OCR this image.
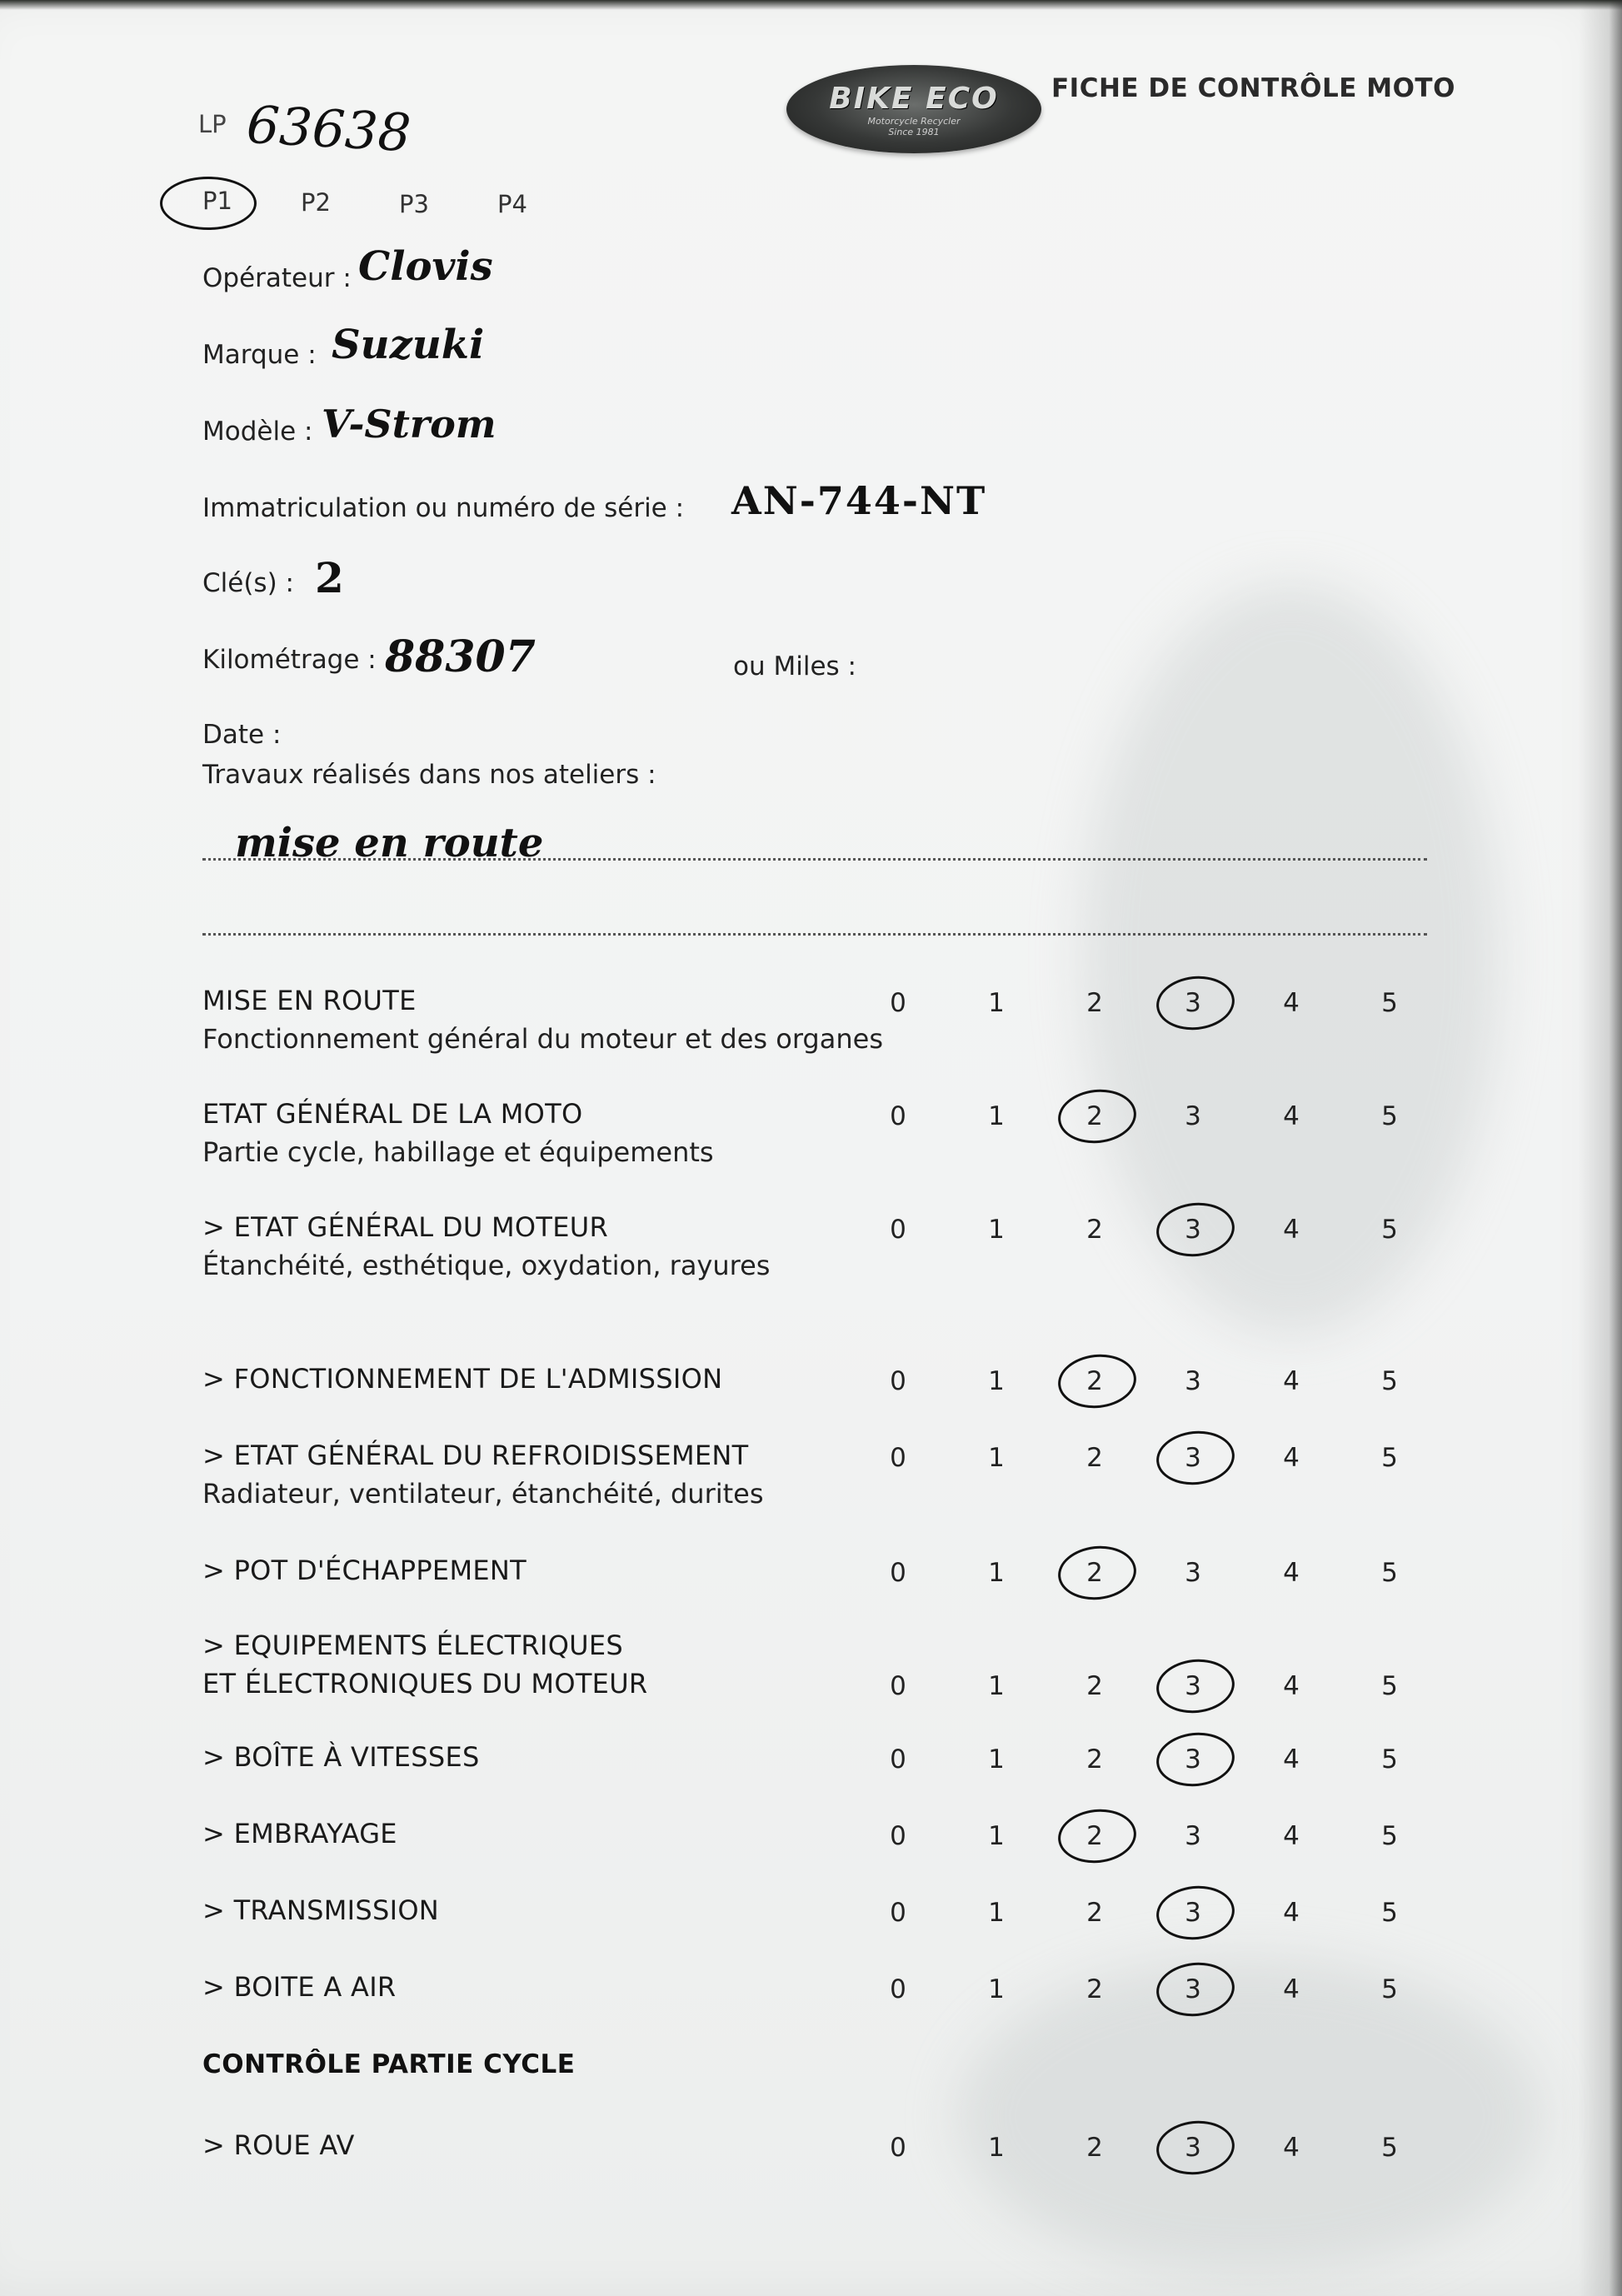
LP 63638	BIKE ECO
Motorcycle Recycler
Since 1981
FICHE DE CONTRÔLE MOTO
P1	P2	P3	P4
Opérateur : Clovis
Marque : Suzuki
Modèle : V-Strom
Immatriculation ou numéro de série : AN-744-NT
Clé(s) : 2
Kilométrage : 88307	ou Miles :
Date :
Travaux réalisés dans nos ateliers :
mise en route
MISE EN ROUTE
Fonctionnement général du moteur et des organes
0	1	2	3	4	5
ETAT GÉNÉRAL DE LA MOTO
Partie cycle, habillage et équipements
0	1	2	3	4	5
> ETAT GÉNÉRAL DU MOTEUR
Étanchéité, esthétique, oxydation, rayures
0	1	2	3	4	5
> FONCTIONNEMENT DE L'ADMISSION	0	1	2	3	4	5
> ETAT GÉNÉRAL DU REFROIDISSEMENT
Radiateur, ventilateur, étanchéité, durites
0	1	2	3	4	5
> POT D'ÉCHAPPEMENT	0	1	2	3	4	5
> EQUIPEMENTS ÉLECTRIQUES
ET ÉLECTRONIQUES DU MOTEUR	0	1	2	3	4	5
> BOÎTE À VITESSES	0	1	2	3	4	5
> EMBRAYAGE	0	1	2	3	4	5
> TRANSMISSION	0	1	2	3	4	5
> BOITE A AIR	0	1	2	3	4	5
CONTRÔLE PARTIE CYCLE
> ROUE AV	0	1	2	3	4	5
